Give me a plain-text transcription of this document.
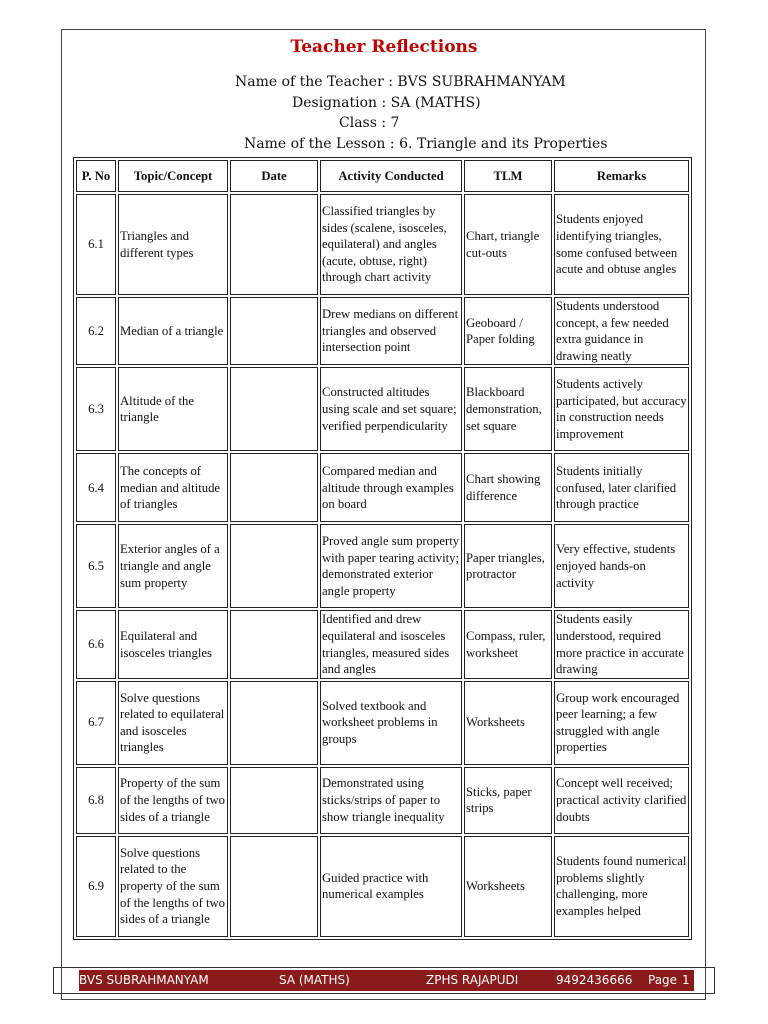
Teacher Reflections
Name of the Teacher : BVS SUBRAHMANYAM
Designation : SA (MATHS)
Class : 7
Name of the Lesson : 6. Triangle and its Properties
P. No	Topic/Concept	Date	Activity Conducted	TLM	Remarks
6.1	Triangles and different types		Classified triangles by sides (scalene, isosceles, equilateral) and angles (acute, obtuse, right) through chart activity	Chart, triangle cut-outs	Students enjoyed identifying triangles, some confused between acute and obtuse angles
6.2	Median of a triangle		Drew medians on different triangles and observed intersection point	Geoboard / Paper folding	Students understood concept, a few needed extra guidance in drawing neatly
6.3	Altitude of the triangle		Constructed altitudes using scale and set square; verified perpendicularity	Blackboard demonstration, set square	Students actively participated, but accuracy in construction needs improvement
6.4	The concepts of median and altitude of triangles		Compared median and altitude through examples on board	Chart showing difference	Students initially confused, later clarified through practice
6.5	Exterior angles of a triangle and angle sum property		Proved angle sum property with paper tearing activity; demonstrated exterior angle property	Paper triangles, protractor	Very effective, students enjoyed hands-on activity
6.6	Equilateral and isosceles triangles		Identified and drew equilateral and isosceles triangles, measured sides and angles	Compass, ruler, worksheet	Students easily understood, required more practice in accurate drawing
6.7	Solve questions related to equilateral and isosceles triangles		Solved textbook and worksheet problems in groups	Worksheets	Group work encouraged peer learning; a few struggled with angle properties
6.8	Property of the sum of the lengths of two sides of a triangle		Demonstrated using sticks/strips of paper to show triangle inequality	Sticks, paper strips	Concept well received; practical activity clarified doubts
6.9	Solve questions related to the property of the sum of the lengths of two sides of a triangle		Guided practice with numerical examples	Worksheets	Students found numerical problems slightly challenging, more examples helped
BVS SUBRAHMANYAM	SA (MATHS)	ZPHS RAJAPUDI	9492436666 Page 1
